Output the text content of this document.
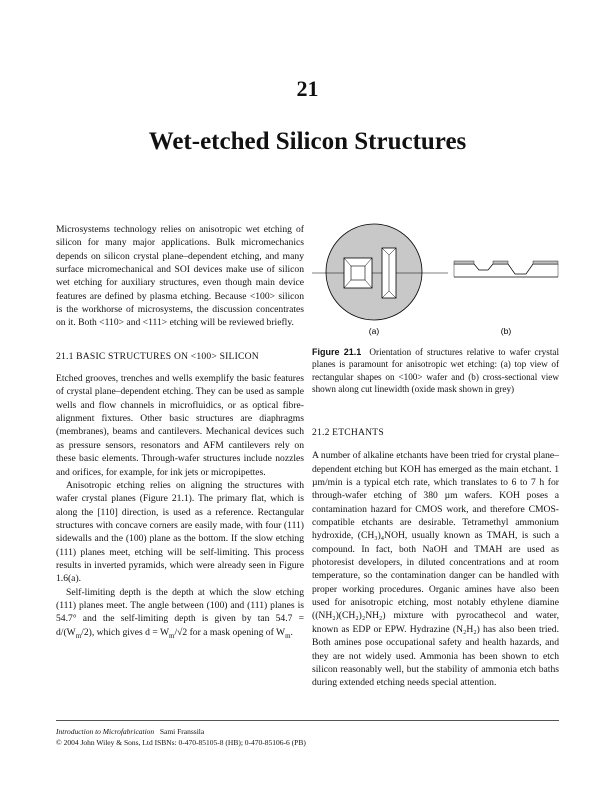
21
Wet-etched Silicon Structures

Microsystems technology relies on anisotropic wet etching of silicon for many major applications. Bulk micromechanics depends on silicon crystal plane–dependent etching, and many surface micromechanical and SOI devices make use of silicon wet etching for auxiliary structures, even though main device features are defined by plasma etching. Because <100> silicon is the workhorse of microsystems, the discussion concentrates on it. Both <110> and <111> etching will be reviewed briefly.

21.1 BASIC STRUCTURES ON <100> SILICON

Etched grooves, trenches and wells exemplify the basic features of crystal plane–dependent etching. They can be used as sample wells and flow channels in microfluidics, or as optical fibre-alignment fixtures. Other basic structures are diaphragms (membranes), beams and cantilevers. Mechanical devices such as pressure sensors, resonators and AFM cantilevers rely on these basic elements. Through-wafer structures include nozzles and orifices, for example, for ink jets or micropipettes.

Anisotropic etching relies on aligning the structures with wafer crystal planes (Figure 21.1). The primary flat, which is along the [110] direction, is used as a reference. Rectangular structures with concave corners are easily made, with four (111) sidewalls and the (100) plane as the bottom. If the slow etching (111) planes meet, etching will be self-limiting. This process results in inverted pyramids, which were already seen in Figure 1.6(a).

Self-limiting depth is the depth at which the slow etching (111) planes meet. The angle between (100) and (111) planes is 54.7° and the self-limiting depth is given by $\tan 54.7 = d/(W_m/2)$, which gives $d = W_m/√2$ for a mask opening of $W_m$.

(a)	(b)
Figure 21.1 Orientation of structures relative to wafer crystal planes is paramount for anisotropic wet etching: (a) top view of rectangular shapes on <100> wafer and (b) cross-sectional view shown along cut linewidth (oxide mask shown in grey)
21.2 ETCHANTS

A number of alkaline etchants have been tried for crystal plane–dependent etching but KOH has emerged as the main etchant. 1 µm/min is a typical etch rate, which translates to 6 to 7 h for through-wafer etching of 380 µm wafers. KOH poses a contamination hazard for CMOS work, and therefore CMOS-compatible etchants are desirable. Tetramethyl ammonium hydroxide, (CH₃)₄NOH, usually known as TMAH, is such a compound. In fact, both NaOH and TMAH are used as photoresist developers, in diluted concentrations and at room temperature, so the contamination danger can be handled with proper working procedures. Organic amines have also been used for anisotropic etching, most notably ethylene diamine ((NH₂)(CH₂)₂NH₂) mixture with pyrocathecol and water, known as EDP or EPW. Hydrazine (N₂H₂) has also been tried. Both amines pose occupational safety and health hazards, and they are not widely used. Ammonia has been shown to etch silicon reasonably well, but the stability of ammonia etch baths during extended etching needs special attention.

Introduction to Microfabrication Sami Franssila
© 2004 John Wiley & Sons, Ltd ISBNs: 0-470-85105-8 (HB); 0-470-85106-6 (PB)
